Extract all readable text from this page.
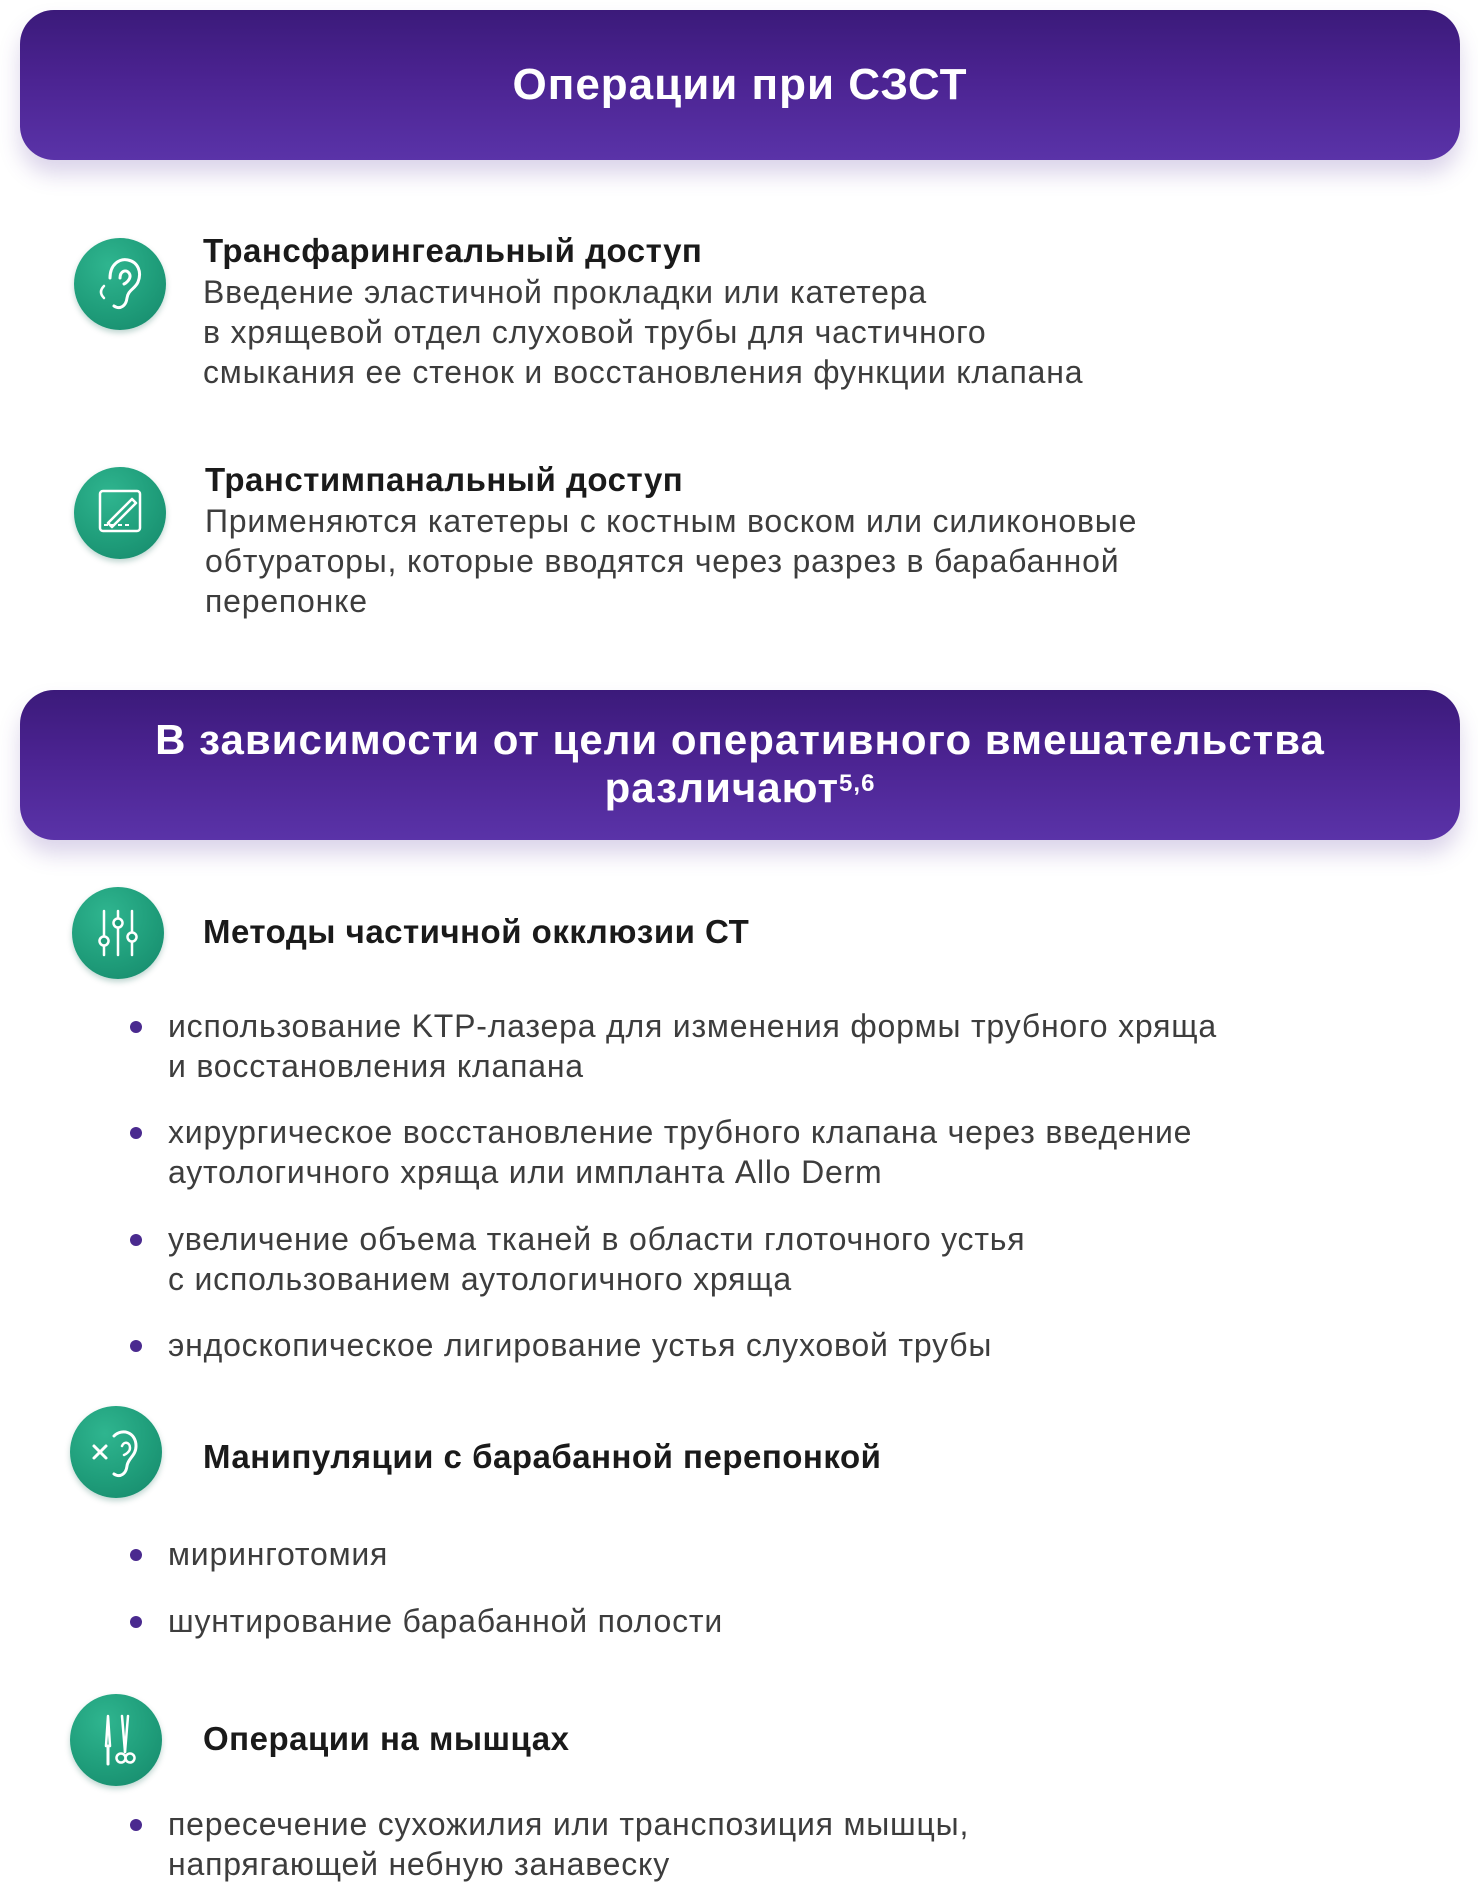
Операции при СЗСТ
Трансфарингеальный доступ
Введение эластичной прокладки или катетера
в хрящевой отдел слуховой трубы для частичного
смыкания ее стенок и восстановления функции клапана
Транстимпанальный доступ
Применяются катетеры с костным воском или силиконовые
обтураторы, которые вводятся через разрез в барабанной
перепонке
В зависимости от цели оперативного вмешательства
различают$^{5,6}$
Методы частичной окклюзии СТ
использование KTP-лазера для изменения формы трубного хряща
и восстановления клапана
хирургическое восстановление трубного клапана через введение
аутологичного хряща или импланта Allo Derm
увеличение объема тканей в области глоточного устья
с использованием аутологичного хряща
эндоскопическое лигирование устья слуховой трубы
Манипуляции с барабанной перепонкой
миринготомия
шунтирование барабанной полости
Операции на мышцах
пересечение сухожилия или транспозиция мышцы,
напрягающей небную занавеску
